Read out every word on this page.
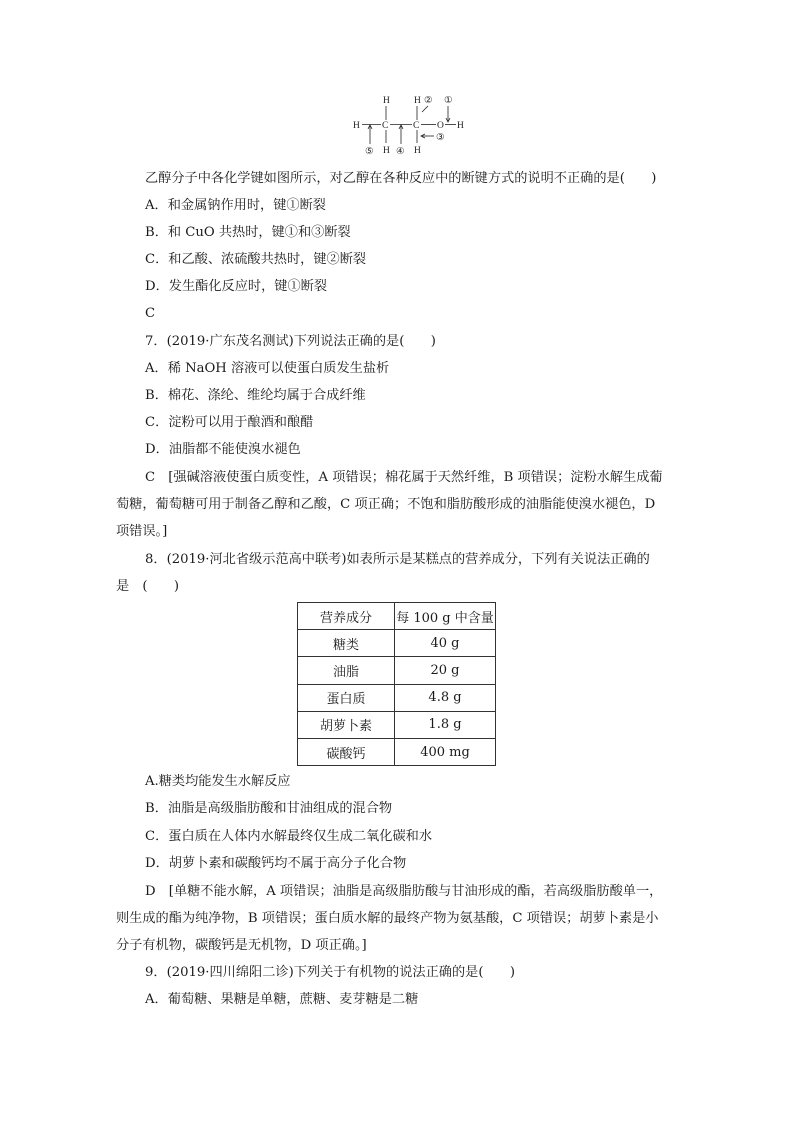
H	H ② ①
H C	C O H
H	H
⑤ ④
③
乙醇分子中各化学键如图所示，对乙醇在各种反应中的断键方式的说明不正确的是(　　)
A．和金属钠作用时，键①断裂
B．和 CuO 共热时，键①和③断裂
C．和乙酸、浓硫酸共热时，键②断裂
D．发生酯化反应时，键①断裂
C
7．(2019·广东茂名测试)下列说法正确的是(　　)
A．稀 NaOH 溶液可以使蛋白质发生盐析
B．棉花、涤纶、维纶均属于合成纤维
C．淀粉可以用于酿酒和酿醋
D．油脂都不能使溴水褪色
C　[强碱溶液使蛋白质变性，A 项错误；棉花属于天然纤维，B 项错误；淀粉水解生成葡
萄糖，葡萄糖可用于制备乙醇和乙酸，C 项正确；不饱和脂肪酸形成的油脂能使溴水褪色，D
项错误。]
8．(2019·河北省级示范高中联考)如表所示是某糕点的营养成分，下列有关说法正确的
是　(　　)
营养成分	每 100 g 中含量
糖类	40 g
油脂	20 g
蛋白质	4.8 g
胡萝卜素	1.8 g
碳酸钙	400 mg
A.糖类均能发生水解反应
B．油脂是高级脂肪酸和甘油组成的混合物
C．蛋白质在人体内水解最终仅生成二氧化碳和水
D．胡萝卜素和碳酸钙均不属于高分子化合物
D　[单糖不能水解，A 项错误；油脂是高级脂肪酸与甘油形成的酯，若高级脂肪酸单一，
则生成的酯为纯净物，B 项错误；蛋白质水解的最终产物为氨基酸，C 项错误；胡萝卜素是小
分子有机物，碳酸钙是无机物，D 项正确。]
9．(2019·四川绵阳二诊)下列关于有机物的说法正确的是(　　)
A．葡萄糖、果糖是单糖，蔗糖、麦芽糖是二糖
